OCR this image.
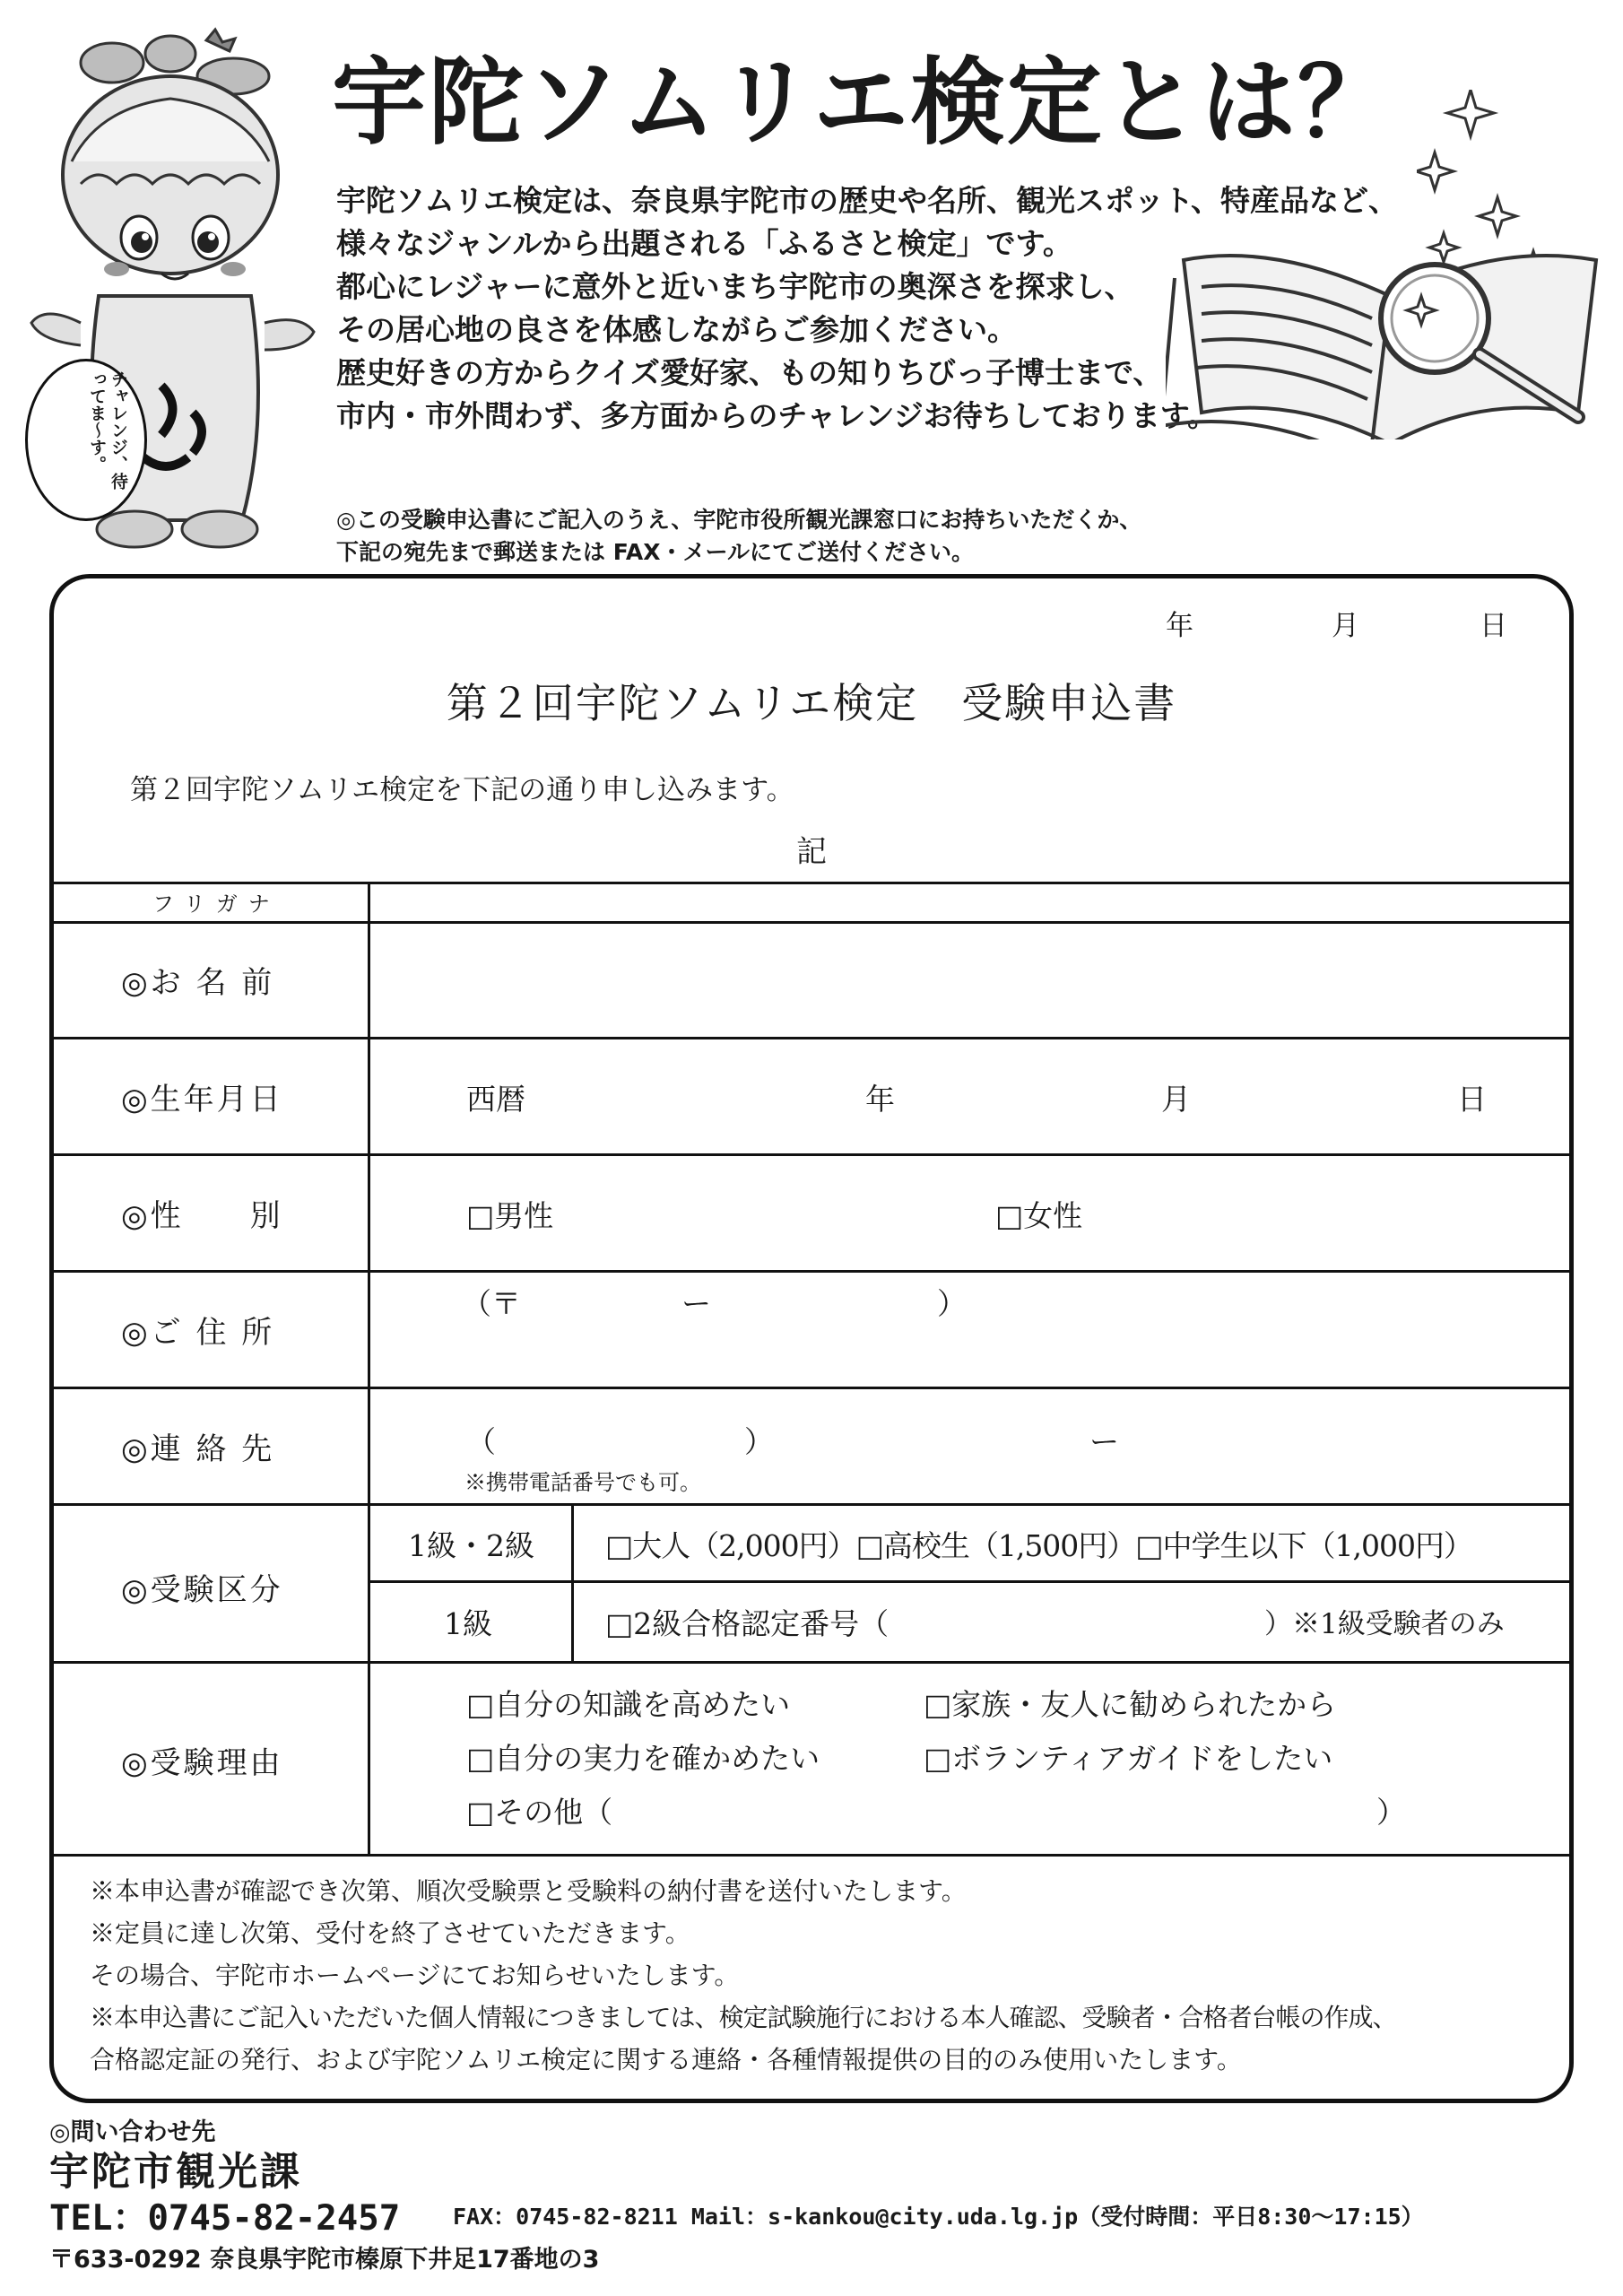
チャレンジ、待ってま～す。
宇陀ソムリエ検定とは？

宇陀ソムリエ検定は、奈良県宇陀市の歴史や名所、観光スポット、特産品など、

様々なジャンルから出題される「ふるさと検定」です。

都心にレジャーに意外と近いまち宇陀市の奥深さを探求し、

その居心地の良さを体感しながらご参加ください。

歴史好きの方からクイズ愛好家、もの知りちびっ子博士まで、

市内・市外問わず、多方面からのチャレンジお待ちしております。

◎この受験申込書にご記入のうえ、宇陀市役所観光課窓口にお持ちいただくか、

下記の宛先まで郵送または FAX・メールにてご送付ください。

年	月	日
第２回宇陀ソムリエ検定　受験申込書
第２回宇陀ソムリエ検定を下記の通り申し込みます。
記
フリガナ
◎お 名 前
◎生年月日	西暦	年	月	日
◎性　　別	□男性	□女性
◎ご 住 所
（〒	ー	）
◎連 絡 先	（	）	ー
※携帯電話番号でも可。
◎受験区分
1級・2級 □大人（2,000円）□高校生（1,500円）□中学生以下（1,000円）
1級	□2級合格認定番号（	）※1級受験者のみ
◎受験理由
□自分の知識を高めたい	□家族・友人に勧められたから
□自分の実力を確かめたい	□ボランティアガイドをしたい
□その他（	）
※本申込書が確認でき次第、順次受験票と受験料の納付書を送付いたします。
※定員に達し次第、受付を終了させていただきます。
その場合、宇陀市ホームページにてお知らせいたします。
※本申込書にご記入いただいた個人情報につきましては、検定試験施行における本人確認、受験者・合格者台帳の作成、
合格認定証の発行、および宇陀ソムリエ検定に関する連絡・各種情報提供の目的のみ使用いたします。
◎問い合わせ先
宇陀市観光課
TEL：0745-82-2457 FAX：0745-82-8211 Mail：s-kankou@city.uda.lg.jp（受付時間：平日8:30～17:15）
〒633-0292 奈良県宇陀市榛原下井足17番地の3
